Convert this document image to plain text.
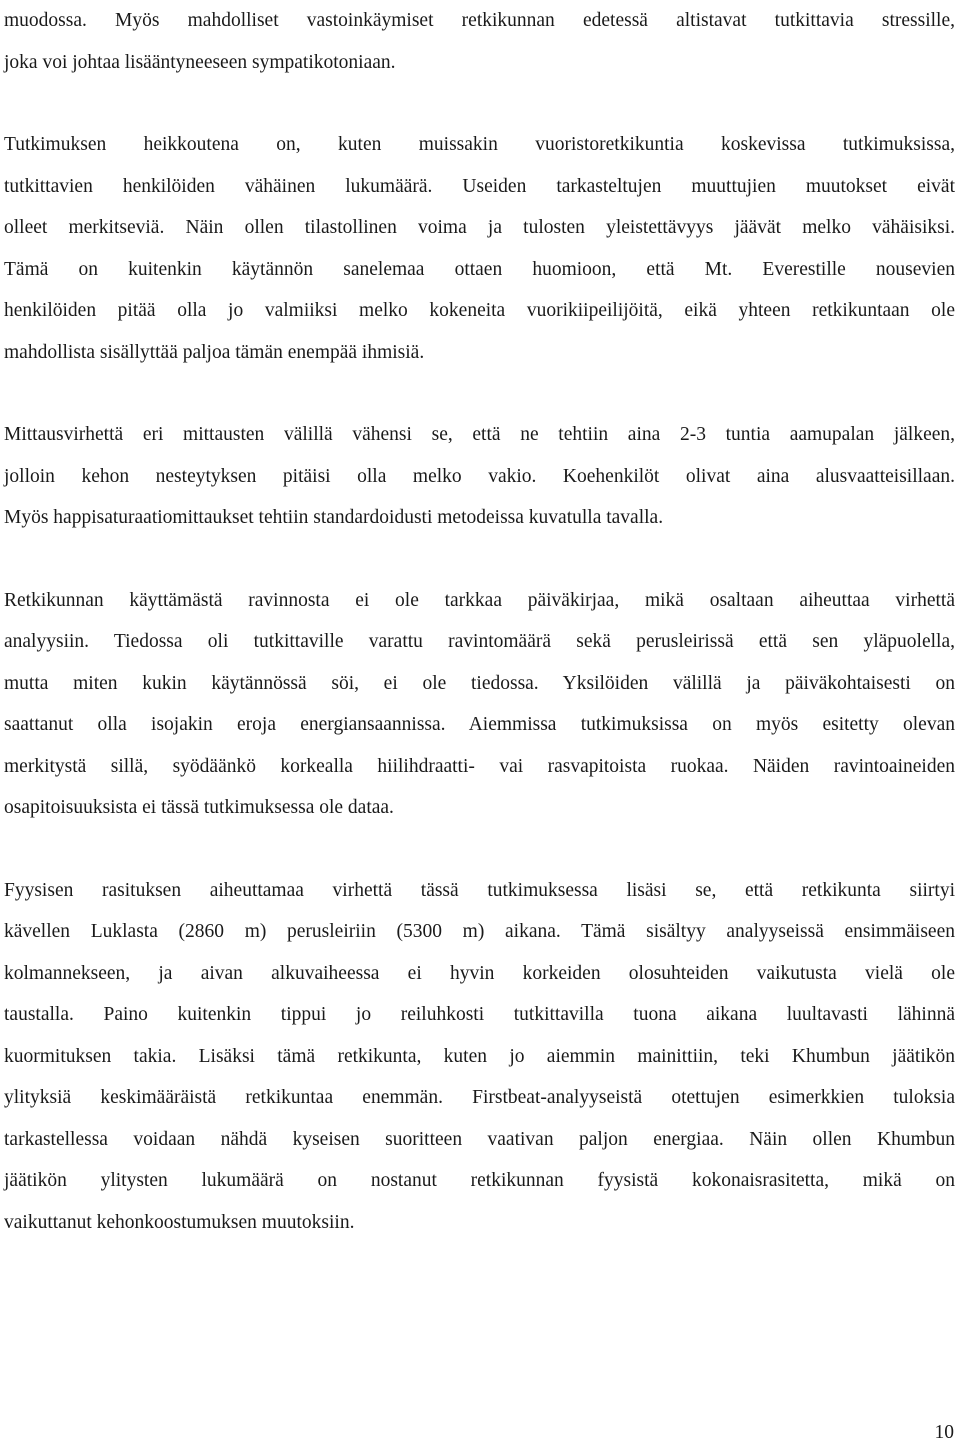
muodossa. Myös mahdolliset vastoinkäymiset retkikunnan edetessä altistavat tutkittavia stressille,
joka voi johtaa lisääntyneeseen sympatikotoniaan.

Tutkimuksen heikkoutena on, kuten muissakin vuoristoretkikuntia koskevissa tutkimuksissa,
tutkittavien henkilöiden vähäinen lukumäärä. Useiden tarkasteltujen muuttujien muutokset eivät
olleet merkitseviä. Näin ollen tilastollinen voima ja tulosten yleistettävyys jäävät melko vähäisiksi.
Tämä on kuitenkin käytännön sanelemaa ottaen huomioon, että Mt. Everestille nousevien
henkilöiden pitää olla jo valmiiksi melko kokeneita vuorikiipeilijöitä, eikä yhteen retkikuntaan ole
mahdollista sisällyttää paljoa tämän enempää ihmisiä.

Mittausvirhettä eri mittausten välillä vähensi se, että ne tehtiin aina 2-3 tuntia aamupalan jälkeen,
jolloin kehon nesteytyksen pitäisi olla melko vakio. Koehenkilöt olivat aina alusvaatteisillaan.
Myös happisaturaatiomittaukset tehtiin standardoidusti metodeissa kuvatulla tavalla.

Retkikunnan käyttämästä ravinnosta ei ole tarkkaa päiväkirjaa, mikä osaltaan aiheuttaa virhettä
analyysiin. Tiedossa oli tutkittaville varattu ravintomäärä sekä perusleirissä että sen yläpuolella,
mutta miten kukin käytännössä söi, ei ole tiedossa. Yksilöiden välillä ja päiväkohtaisesti on
saattanut olla isojakin eroja energiansaannissa. Aiemmissa tutkimuksissa on myös esitetty olevan
merkitystä sillä, syödäänkö korkealla hiilihdraatti- vai rasvapitoista ruokaa. Näiden ravintoaineiden
osapitoisuuksista ei tässä tutkimuksessa ole dataa.

Fyysisen rasituksen aiheuttamaa virhettä tässä tutkimuksessa lisäsi se, että retkikunta siirtyi
kävellen Luklasta (2860 m) perusleiriin (5300 m) aikana. Tämä sisältyy analyyseissä ensimmäiseen
kolmannekseen, ja aivan alkuvaiheessa ei hyvin korkeiden olosuhteiden vaikutusta vielä ole
taustalla. Paino kuitenkin tippui jo reiluhkosti tutkittavilla tuona aikana luultavasti lähinnä
kuormituksen takia. Lisäksi tämä retkikunta, kuten jo aiemmin mainittiin, teki Khumbun jäätikön
ylityksiä keskimääräistä retkikuntaa enemmän. Firstbeat-analyyseistä otettujen esimerkkien tuloksia
tarkastellessa voidaan nähdä kyseisen suoritteen vaativan paljon energiaa. Näin ollen Khumbun
jäätikön ylitysten lukumäärä on nostanut retkikunnan fyysistä kokonaisrasitetta, mikä on
vaikuttanut kehonkoostumuksen muutoksiin.

10
